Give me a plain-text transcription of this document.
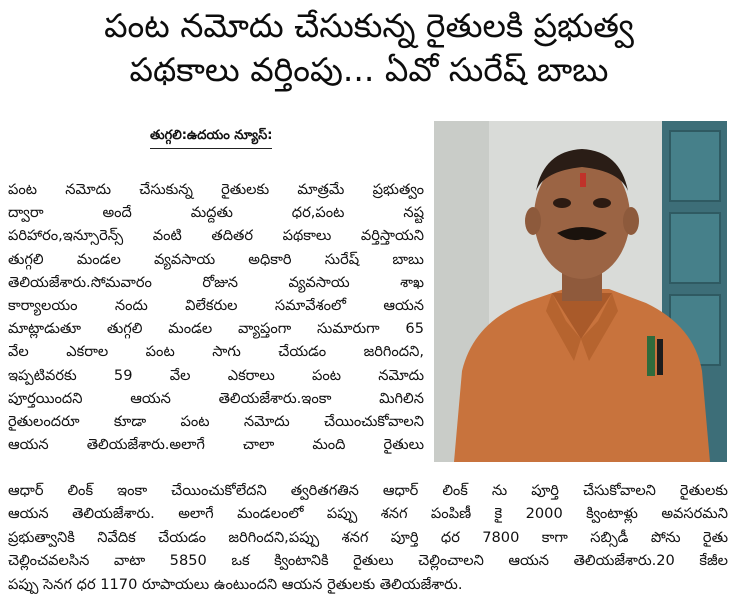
పంట నమోదు చేసుకున్న రైతులకి ప్రభుత్వ
పథకాలు వర్తింపు... ఏవో సురేష్ బాబు
తుగ్గలి:ఉదయం న్యూస్:
పంట నమోదు చేసుకున్న రైతులకు మాత్రమే ప్రభుత్వం
ద్వారా అందే మద్దతు ధర,పంట నష్ట
పరిహారం,ఇన్సూరెన్స్ వంటి తదితర పథకాలు వర్తిస్తాయని
తుగ్గలి మండల వ్యవసాయ అధికారి సురేష్ బాబు
తెలియజేశారు.సోమవారం రోజున వ్యవసాయ శాఖ
కార్యాలయం నందు విలేకరుల సమావేశంలో ఆయన
మాట్లాడుతూ తుగ్గలి మండల వ్యాప్తంగా సుమారుగా 65
వేల ఎకరాల పంట సాగు చేయడం జరిగిందని,
ఇప్పటివరకు 59 వేల ఎకరాలు పంట నమోదు
పూర్తయిందని ఆయన తెలియజేశారు.ఇంకా మిగిలిన
రైతులందరూ కూడా పంట నమోదు చేయించుకోవాలని
ఆయన తెలియజేశారు.అలాగే చాలా మంది రైతులు
ఆధార్ లింక్ ఇంకా చేయించుకోలేదని త్వరితగతిన ఆధార్ లింక్ ను పూర్తి చేసుకోవాలని రైతులకు
ఆయన తెలియజేశారు. అలాగే మండలంలో పప్పు శనగ పంపిణీ కై 2000 క్వింటాళ్లు అవసరమని
ప్రభుత్వానికి నివేదిక చేయడం జరిగిందని,పప్పు శనగ పూర్తి ధర 7800 కాగా సబ్సిడీ పోను రైతు
చెల్లించవలసిన వాటా 5850 ఒక క్వింటానికి రైతులు చెల్లించాలని ఆయన తెలియజేశారు.20 కేజీల
పప్పు సెనగ ధర 1170 రూపాయలు ఉంటుందని ఆయన రైతులకు తెలియజేశారు.
